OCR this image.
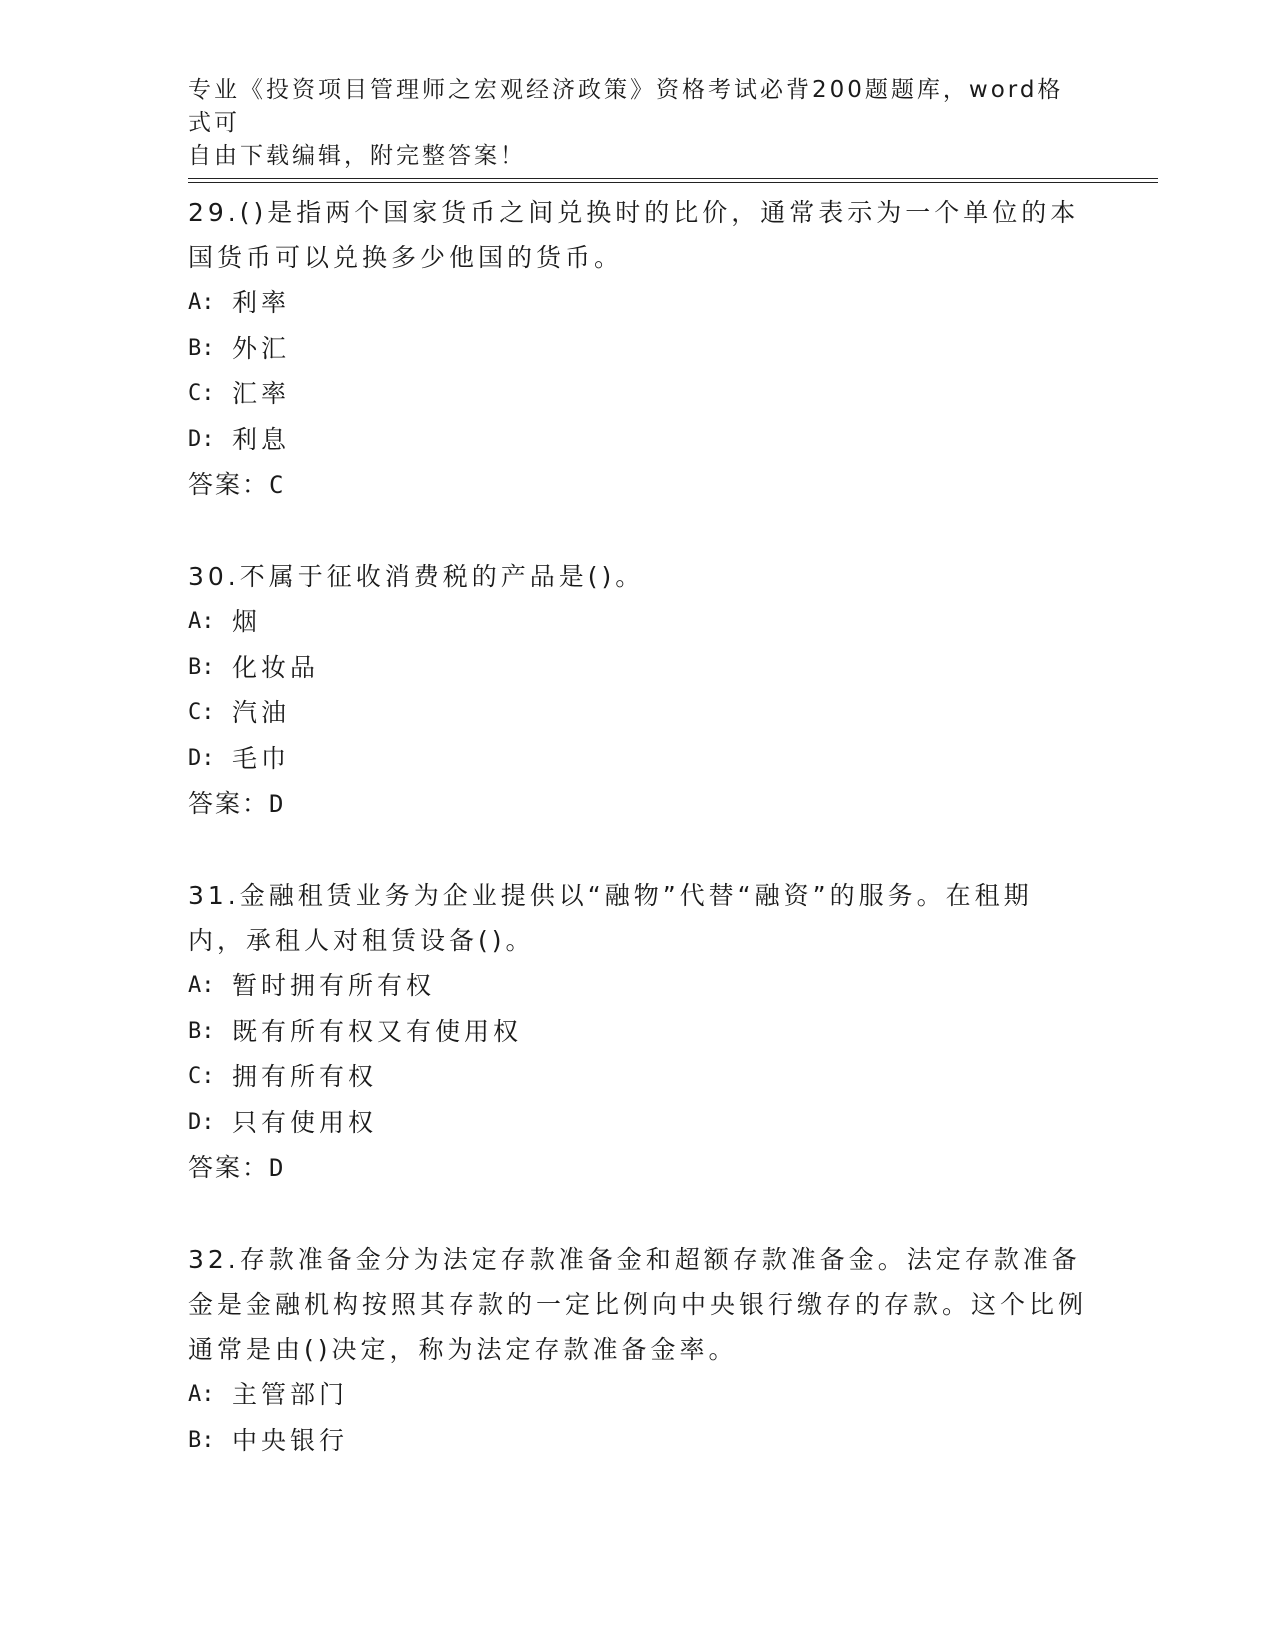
专业《投资项目管理师之宏观经济政策》资格考试必背200题题库，word格式可
自由下载编辑，附完整答案！

29.()是指两个国家货币之间兑换时的比价，通常表示为一个单位的本国货币可以兑换多少他国的货币。

A: 利率
B: 外汇
C: 汇率
D: 利息
答案：C

30.不属于征收消费税的产品是()。

A: 烟
B: 化妆品
C: 汽油
D: 毛巾
答案：D

31.金融租赁业务为企业提供以“融物”代替“融资”的服务。在租期内，承租人对租赁设备()。

A: 暂时拥有所有权
B: 既有所有权又有使用权
C: 拥有所有权
D: 只有使用权
答案：D

32.存款准备金分为法定存款准备金和超额存款准备金。法定存款准备金是金融机构按照其存款的一定比例向中央银行缴存的存款。这个比例通常是由()决定，称为法定存款准备金率。

A: 主管部门
B: 中央银行
